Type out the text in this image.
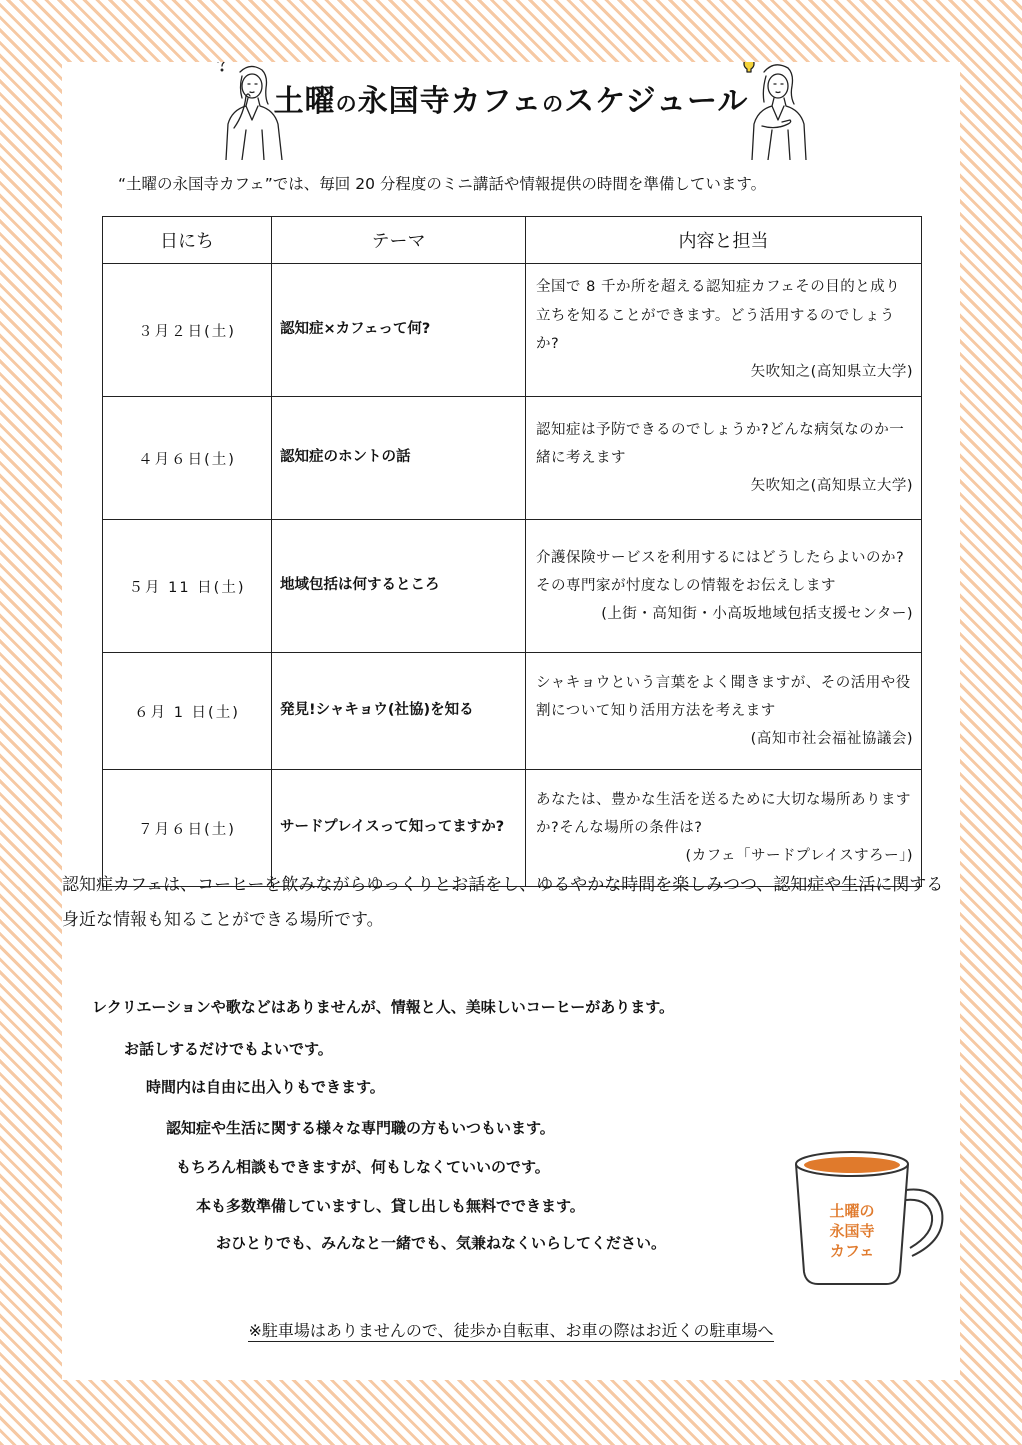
土曜の永国寺カフェのスケジュール
“土曜の永国寺カフェ”では、毎回 20 分程度のミニ講話や情報提供の時間を準備しています。
日にち	テーマ	内容と担当
３月２日(土)	認知症×カフェって何?	全国で 8 千か所を超える認知症カフェその目的と成り立ちを知ることができます。どう活用するのでしょうか?
矢吹知之(高知県立大学)

４月６日(土)	認知症のホントの話	認知症は予防できるのでしょうか?どんな病気なのか一緒に考えます
矢吹知之(高知県立大学)

５月 11 日(土)	地域包括は何するところ	介護保険サービスを利用するにはどうしたらよいのか?その専門家が忖度なしの情報をお伝えします
(上街・高知街・小高坂地域包括支援センター)

６月 1 日(土)	発見!シャキョウ(社協)を知る	シャキョウという言葉をよく聞きますが、その活用や役割について知り活用方法を考えます
(高知市社会福祉協議会)

７月６日(土)	サードプレイスって知ってますか?	あなたは、豊かな生活を送るために大切な場所ありますか?そんな場所の条件は?
(カフェ「サードプレイスすろー」)
認知症カフェは、コーヒーを飲みながらゆっくりとお話をし、ゆるやかな時間を楽しみつつ、認知症や生活に関する身近な情報も知ることができる場所です。
レクリエーションや歌などはありませんが、情報と人、美味しいコーヒーがあります。
お話しするだけでもよいです。
時間内は自由に出入りもできます。
認知症や生活に関する様々な専門職の方もいつもいます。
もちろん相談もできますが、何もしなくていいのです。
本も多数準備していますし、貸し出しも無料でできます。
おひとりでも、みんなと一緒でも、気兼ねなくいらしてください。
土曜の
永国寺
カフェ
※駐車場はありませんので、徒歩か自転車、お車の際はお近くの駐車場へ
